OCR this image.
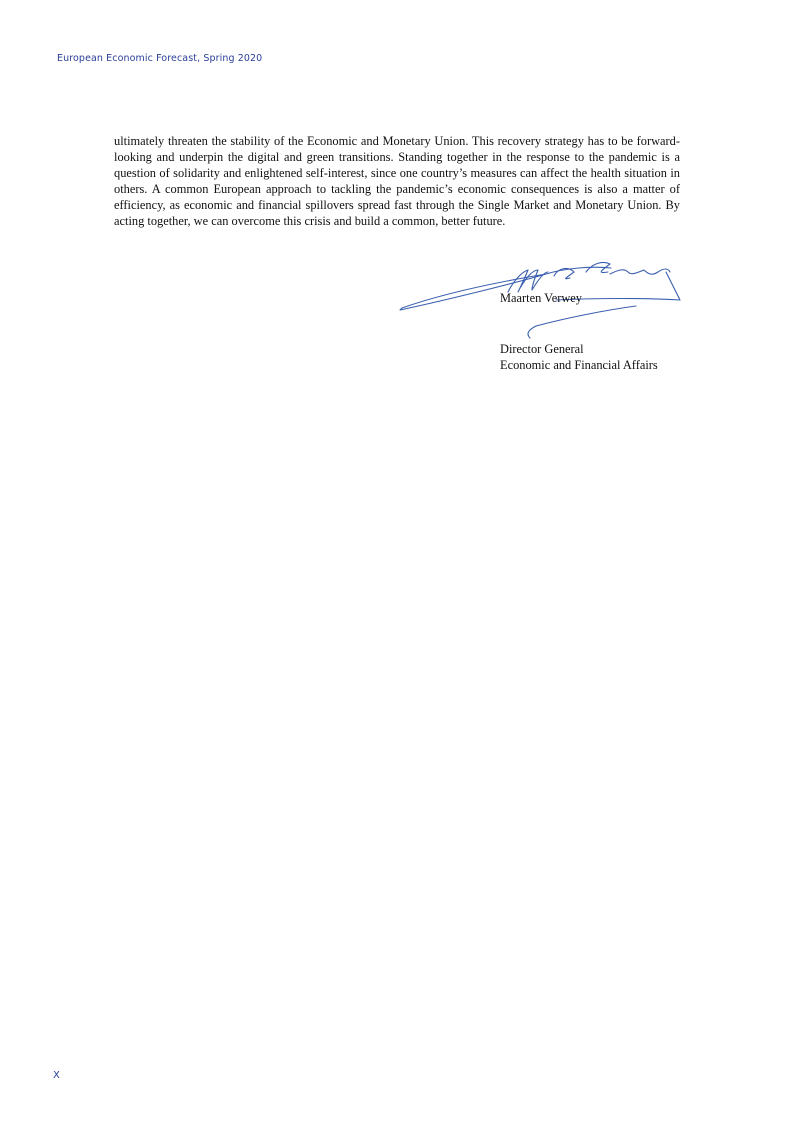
European Economic Forecast, Spring 2020

ultimately threaten the stability of the Economic and Monetary Union. This recovery strategy has to be forward-looking and underpin the digital and green transitions. Standing together in the response to the pandemic is a question of solidarity and enlightened self-interest, since one country’s measures can affect the health situation in others. A common European approach to tackling the pandemic’s economic consequences is also a matter of efficiency, as economic and financial spillovers spread fast through the Single Market and Monetary Union. By acting together, we can overcome this crisis and build a common, better future.

Maarten Verwey
Director General
Economic and Financial Affairs
X
